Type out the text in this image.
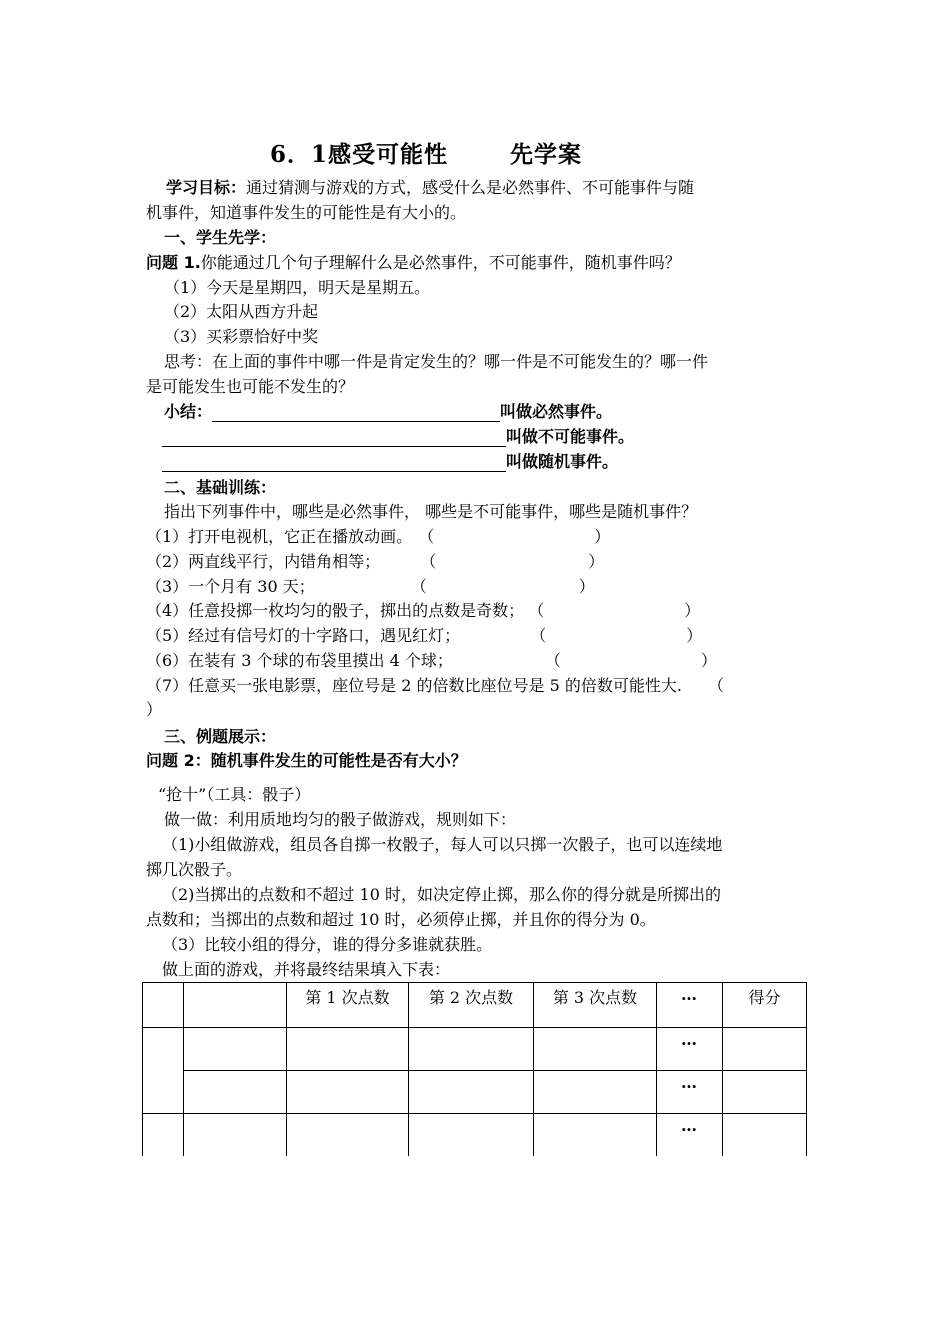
6．1感受可能性	先学案
学习目标：通过猜测与游戏的方式，感受什么是必然事件、不可能事件与随
机事件，知道事件发生的可能性是有大小的。
一、学生先学：
问题 1.你能通过几个句子理解什么是必然事件，不可能事件，随机事件吗？
（1）今天是星期四，明天是星期五。
（2）太阳从西方升起
（3）买彩票恰好中奖
思考：在上面的事件中哪一件是肯定发生的？哪一件是不可能发生的？哪一件
是可能发生也可能不发生的？
小结：	叫做必然事件。
叫做不可能事件。
叫做随机事件。
二、基础训练：
指出下列事件中，哪些是必然事件， 哪些是不可能事件，哪些是随机事件？
（1）打开电视机，它正在播放动画。 （	）
（2）两直线平行，内错角相等；	（	）
（3）一个月有 30 天；	（	）
（4）任意投掷一枚均匀的骰子，掷出的点数是奇数； （	）
（5）经过有信号灯的十字路口，遇见红灯；	（	）
（6）在装有 3 个球的布袋里摸出 4 个球；	（	）
（7）任意买一张电影票，座位号是 2 的倍数比座位号是 5 的倍数可能性大. （
）
三、例题展示：
问题 2：随机事件发生的可能性是否有大小？
“抢十”（工具：骰子）
做一做：利用质地均匀的骰子做游戏，规则如下：
（1)小组做游戏，组员各自掷一枚骰子，每人可以只掷一次骰子，也可以连续地
掷几次骰子。
（2)当掷出的点数和不超过 10 时，如决定停止掷，那么你的得分就是所掷出的
点数和；当掷出的点数和超过 10 时，必须停止掷，并且你的得分为 0。
（3）比较小组的得分，谁的得分多谁就获胜。
做上面的游戏，并将最终结果填入下表：
		第 1 次点数	第 2 次点数	第 3 次点数	…	得分
					…	
					…	
					…	
